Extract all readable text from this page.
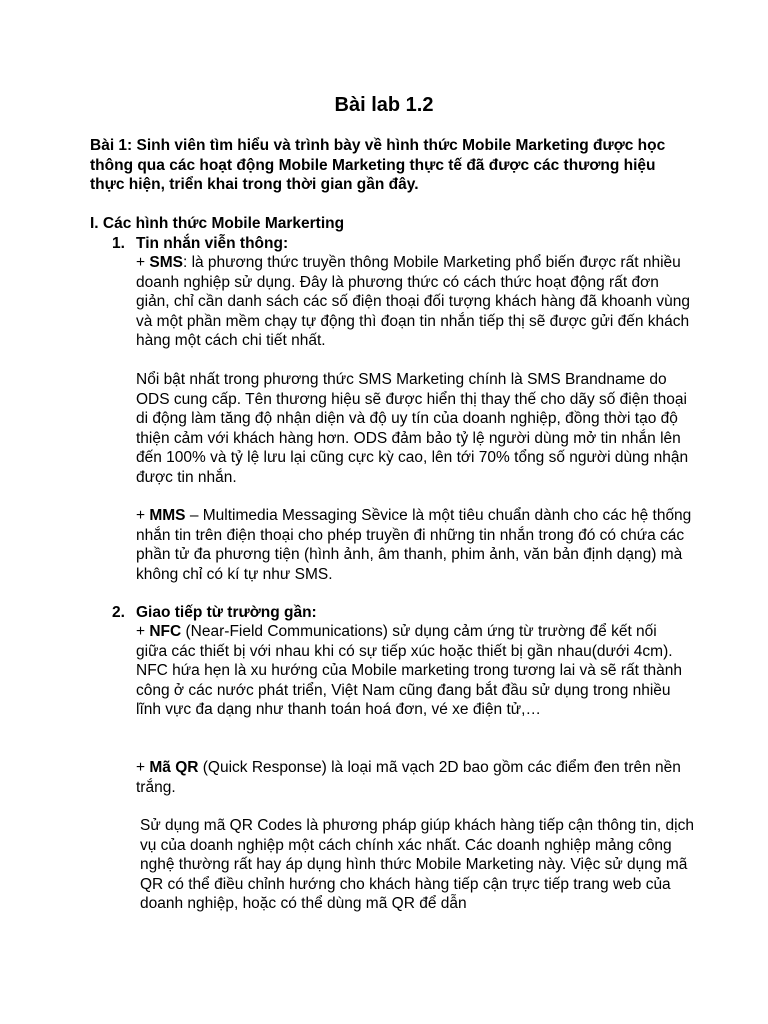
Bài lab 1.2
Bài 1: Sinh viên tìm hiểu và trình bày về hình thức Mobile Marketing được học thông qua các hoạt động Mobile Marketing thực tế đã được các thương hiệu thực hiện, triển khai trong thời gian gần đây.
I. Các hình thức Mobile Markerting
1. Tin nhắn viễn thông:
+ SMS: là phương thức truyền thông Mobile Marketing phổ biến được rất nhiều doanh nghiệp sử dụng. Đây là phương thức có cách thức hoạt động rất đơn giản, chỉ cần danh sách các số điện thoại đối tượng khách hàng đã khoanh vùng và một phần mềm chạy tự động thì đoạn tin nhắn tiếp thị sẽ được gửi đến khách hàng một cách chi tiết nhất.
Nổi bật nhất trong phương thức SMS Marketing chính là SMS Brandname do ODS cung cấp. Tên thương hiệu sẽ được hiển thị thay thế cho dãy số điện thoại di động làm tăng độ nhận diện và độ uy tín của doanh nghiệp, đồng thời tạo độ thiện cảm với khách hàng hơn. ODS đảm bảo tỷ lệ người dùng mở tin nhắn lên đến 100% và tỷ lệ lưu lại cũng cực kỳ cao, lên tới 70% tổng số người dùng nhận được tin nhắn.
+ MMS – Multimedia Messaging Sềvice là một tiêu chuẩn dành cho các hệ thống nhắn tin trên điện thoại cho phép truyền đi những tin nhắn trong đó có chứa các phần tử đa phương tiện (hình ảnh, âm thanh, phim ảnh, văn bản định dạng) mà không chỉ có kí tự như SMS.
2. Giao tiếp từ trường gần:
+ NFC (Near-Field Communications) sử dụng cảm ứng từ trường để kết nối giữa các thiết bị với nhau khi có sự tiếp xúc hoặc thiết bị gần nhau(dưới 4cm). NFC hứa hẹn là xu hướng của Mobile marketing trong tương lai và sẽ rất thành công ở các nước phát triển, Việt Nam cũng đang bắt đầu sử dụng trong nhiều lĩnh vực đa dạng như thanh toán hoá đơn, vé xe điện tử,…
+ Mã QR (Quick Response) là loại mã vạch 2D bao gồm các điểm đen trên nền trắng.
Sử dụng mã QR Codes là phương pháp giúp khách hàng tiếp cận thông tin, dịch vụ của doanh nghiệp một cách chính xác nhất. Các doanh nghiệp mảng công nghệ thường rất hay áp dụng hình thức Mobile Marketing này. Việc sử dụng mã QR có thể điều chỉnh hướng cho khách hàng tiếp cận trực tiếp trang web của doanh nghiệp, hoặc có thể dùng mã QR để dẫn
